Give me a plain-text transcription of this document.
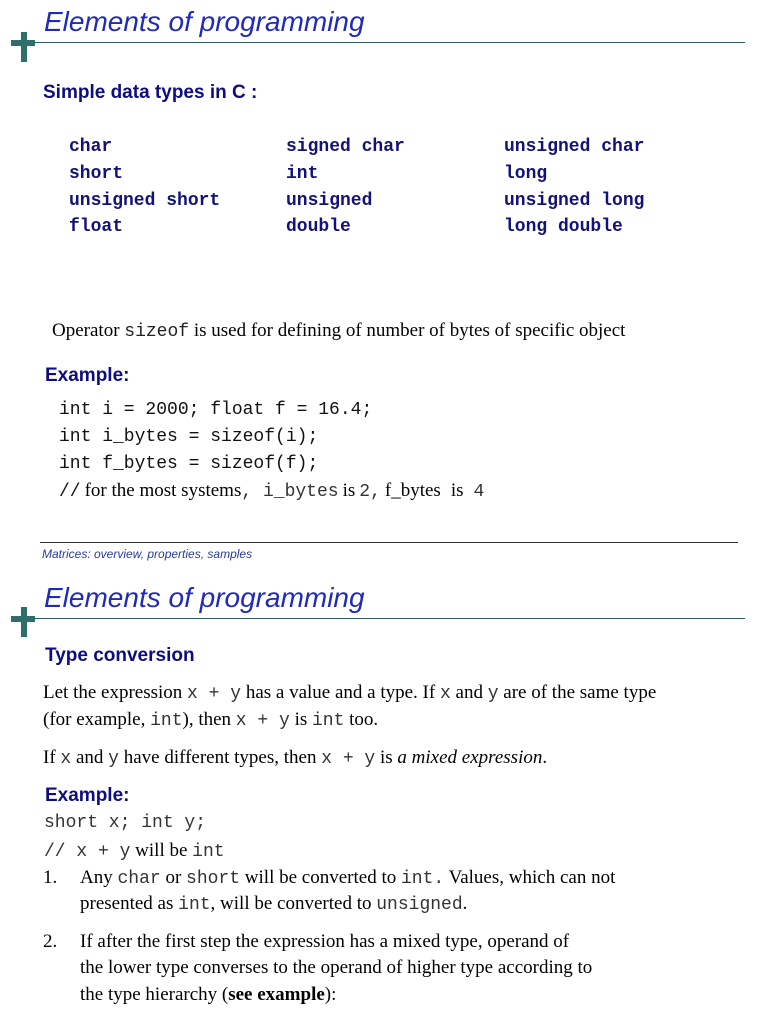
Elements of programming
Simple data types in C :
char	signed char	unsigned char
short	int	long
unsigned short	unsigned	unsigned long
float	double	long double
Operator sizeof is used for defining of number of bytes of specific object
Example:
int i = 2000; float f = 16.4;
int i_bytes = sizeof(i);
int f_bytes = sizeof(f);
// for the most systems, i_bytes is 2, f_bytes is 4
Matrices: overview, properties, samples
Elements of programming
Type conversion
Let the expression x + y has a value and a type. If x and y are of the same type
(for example, int), then x + y is int too.
If x and y have different types, then x + y is a mixed expression.
Example:
short x; int y;
// x + y will be int
1. Any char or short will be converted to int. Values, which can not
presented as int, will be converted to unsigned.
2. If after the first step the expression has a mixed type, operand of
the lower type converses to the operand of higher type according to
the type hierarchy (see example):
